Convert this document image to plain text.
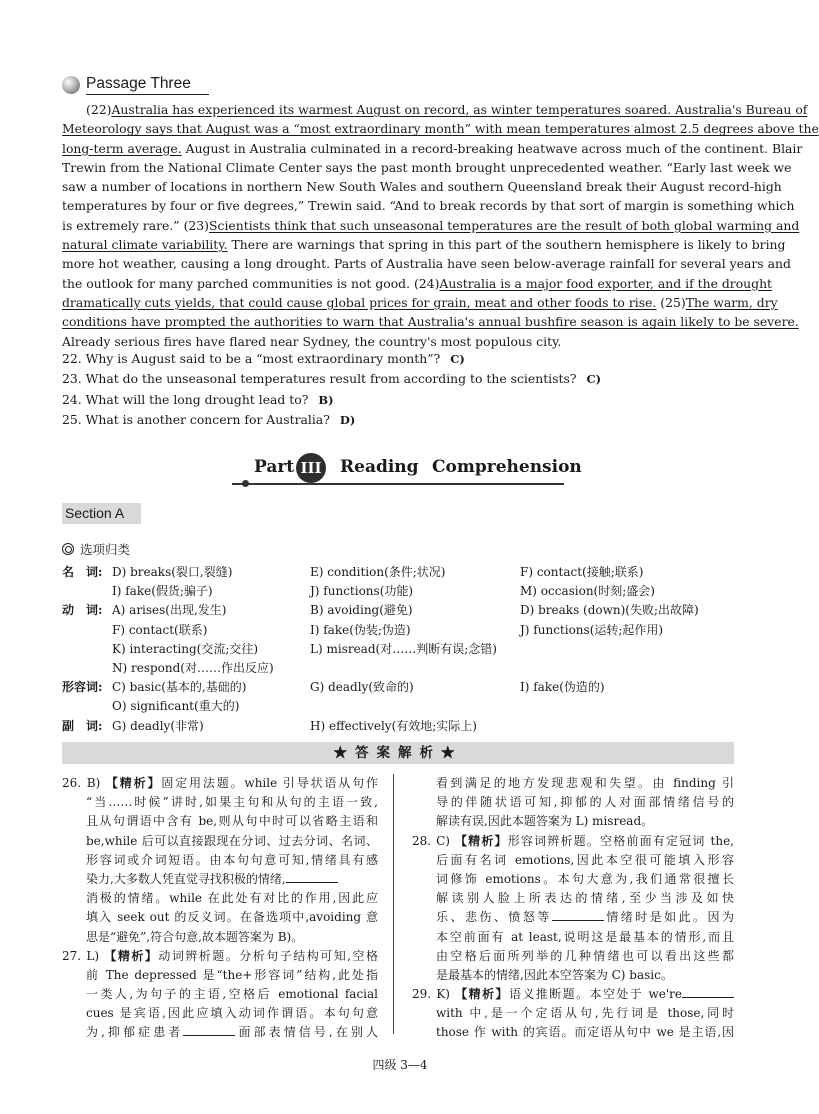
Passage Three
(22)Australia has experienced its warmest August on record, as winter temperatures soared. Australia's Bureau of
Meteorology says that August was a “most extraordinary month” with mean temperatures almost 2.5 degrees above the
long-term average. August in Australia culminated in a record-breaking heatwave across much of the continent. Blair
Trewin from the National Climate Center says the past month brought unprecedented weather. “Early last week we
saw a number of locations in northern New South Wales and southern Queensland break their August record-high
temperatures by four or five degrees,” Trewin said. “And to break records by that sort of margin is something which
is extremely rare.” (23)Scientists think that such unseasonal temperatures are the result of both global warming and
natural climate variability. There are warnings that spring in this part of the southern hemisphere is likely to bring
more hot weather, causing a long drought. Parts of Australia have seen below-average rainfall for several years and
the outlook for many parched communities is not good. (24)Australia is a major food exporter, and if the drought
dramatically cuts yields, that could cause global prices for grain, meat and other foods to rise. (25)The warm, dry
conditions have prompted the authorities to warn that Australia's annual bushfire season is again likely to be severe.
Already serious fires have flared near Sydney, the country's most populous city.
22. Why is August said to be a “most extraordinary month”? C)
23. What do the unseasonal temperatures result from according to the scientists? C)
24. What will the long drought lead to? B)
25. What is another concern for Australia? D)
Part III Reading Comprehension
Section A
选项归类
名　词: D) breaks(裂口,裂缝)	E) condition(条件;状况)	F) contact(接触;联系)
I) fake(假货;骗子)	J) functions(功能)	M) occasion(时刻;盛会)
动　词: A) arises(出现,发生)	B) avoiding(避免)	D) breaks (down)(失败;出故障)
F) contact(联系)	I) fake(伪装;伪造)	J) functions(运转;起作用)
K) interacting(交流;交往)	L) misread(对……判断有误;念错)
N) respond(对……作出反应)
形容词: C) basic(基本的,基础的)	G) deadly(致命的)	I) fake(伪造的)
O) significant(重大的)
副　词: G) deadly(非常)	H) effectively(有效地;实际上)
★答案解析★
26. B) 【精析】固定用法题。while 引导状语从句作
“当……时候”讲时,如果主句和从句的主语一致,
且从句谓语中含有 be,则从句中时可以省略主语和
be,while 后可以直接跟现在分词、过去分词、名词、
形容词或介词短语。由本句句意可知,情绪具有感
染力,大多数人凭直觉寻找积极的情绪,
消极的情绪。while 在此处有对比的作用,因此应
填入 seek out 的反义词。在备选项中,avoiding 意
思是“避免”,符合句意,故本题答案为 B)。
27. L) 【精析】动词辨析题。分析句子结构可知,空格
前 The depressed 是“the+形容词”结构,此处指
一类人,为句子的主语,空格后 emotional facial
cues 是宾语,因此应填入动词作谓语。本句句意
为,抑郁症患者	面部表情信号,在别人
看到满足的地方发现悲观和失望。由 finding 引
导的伴随状语可知,抑郁的人对面部情绪信号的
解读有误,因此本题答案为 L) misread。
28. C) 【精析】形容词辨析题。空格前面有定冠词 the,
后面有名词 emotions,因此本空很可能填入形容
词修饰 emotions。本句大意为,我们通常很擅长
解读别人脸上所表达的情绪,至少当涉及如快
乐、悲伤、愤怒等	情绪时是如此。因为
本空前面有 at least,说明这是最基本的情形,而且
由空格后面所列举的几种情绪也可以看出这些都
是最基本的情绪,因此本空答案为 C) basic。
29. K) 【精析】语义推断题。本空处于 we're
with 中,是一个定语从句,先行词是 those,同时
those 作 with 的宾语。而定语从句中 we 是主语,因
四级 3—4
